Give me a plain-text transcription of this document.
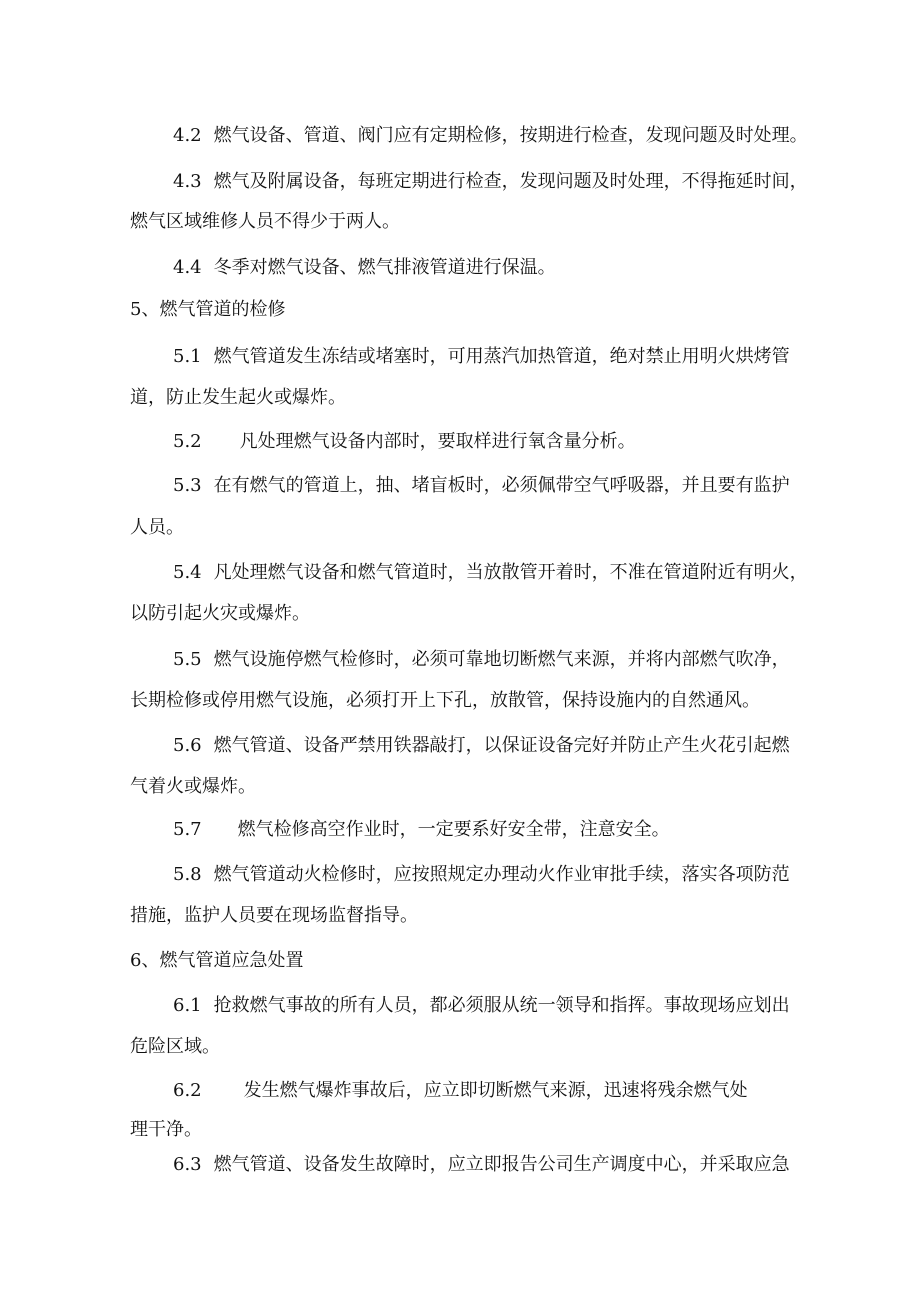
4.2 燃气设备、管道、阀门应有定期检修，按期进行检查，发现问题及时处理。
4.3 燃气及附属设备，每班定期进行检查，发现问题及时处理，不得拖延时间，
燃气区域维修人员不得少于两人。
4.4 冬季对燃气设备、燃气排液管道进行保温。
5、燃气管道的检修
5.1 燃气管道发生冻结或堵塞时，可用蒸汽加热管道，绝对禁止用明火烘烤管
道，防止发生起火或爆炸。
5.2 凡处理燃气设备内部时，要取样进行氧含量分析。
5.3 在有燃气的管道上，抽、堵盲板时，必须佩带空气呼吸器，并且要有监护
人员。
5.4 凡处理燃气设备和燃气管道时，当放散管开着时，不准在管道附近有明火，
以防引起火灾或爆炸。
5.5 燃气设施停燃气检修时，必须可靠地切断燃气来源，并将内部燃气吹净，
长期检修或停用燃气设施，必须打开上下孔，放散管，保持设施内的自然通风。
5.6 燃气管道、设备严禁用铁器敲打，以保证设备完好并防止产生火花引起燃
气着火或爆炸。
5.7 燃气检修高空作业时，一定要系好安全带，注意安全。
5.8 燃气管道动火检修时，应按照规定办理动火作业审批手续，落实各项防范
措施，监护人员要在现场监督指导。
6、燃气管道应急处置
6.1 抢救燃气事故的所有人员，都必须服从统一领导和指挥。事故现场应划出
危险区域。
6.2 发生燃气爆炸事故后，应立即切断燃气来源，迅速将残余燃气处
理干净。
6.3 燃气管道、设备发生故障时，应立即报告公司生产调度中心，并采取应急
